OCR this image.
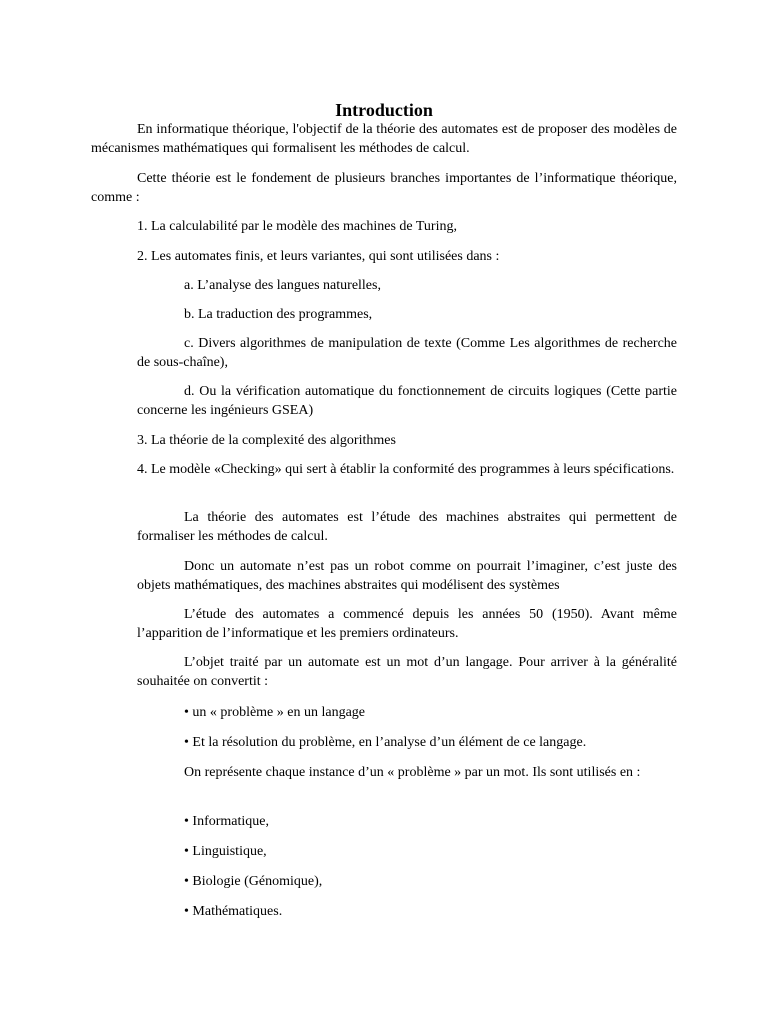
Introduction

En informatique théorique, l'objectif de la théorie des automates est de proposer des modèles de mécanismes mathématiques qui formalisent les méthodes de calcul.

Cette théorie est le fondement de plusieurs branches importantes de l’informatique théorique, comme :

1. La calculabilité par le modèle des machines de Turing,

2. Les automates finis, et leurs variantes, qui sont utilisées dans :

a. L’analyse des langues naturelles,

b. La traduction des programmes,

c. Divers algorithmes de manipulation de texte (Comme Les algorithmes de recherche de sous-chaîne),

d. Ou la vérification automatique du fonctionnement de circuits logiques (Cette partie concerne les ingénieurs GSEA)

3. La théorie de la complexité des algorithmes

4. Le modèle «Checking» qui sert à établir la conformité des programmes à leurs spécifications.

La théorie des automates est l’étude des machines abstraites qui permettent de formaliser les méthodes de calcul.

Donc un automate n’est pas un robot comme on pourrait l’imaginer, c’est juste des objets mathématiques, des machines abstraites qui modélisent des systèmes

L’étude des automates a commencé depuis les années 50 (1950). Avant même l’apparition de l’informatique et les premiers ordinateurs.

L’objet traité par un automate est un mot d’un langage. Pour arriver à la généralité souhaitée on convertit :

• un « problème » en un langage

• Et la résolution du problème, en l’analyse d’un élément de ce langage.

On représente chaque instance d’un « problème » par un mot. Ils sont utilisés en :

• Informatique,

• Linguistique,

• Biologie (Génomique),

• Mathématiques.
